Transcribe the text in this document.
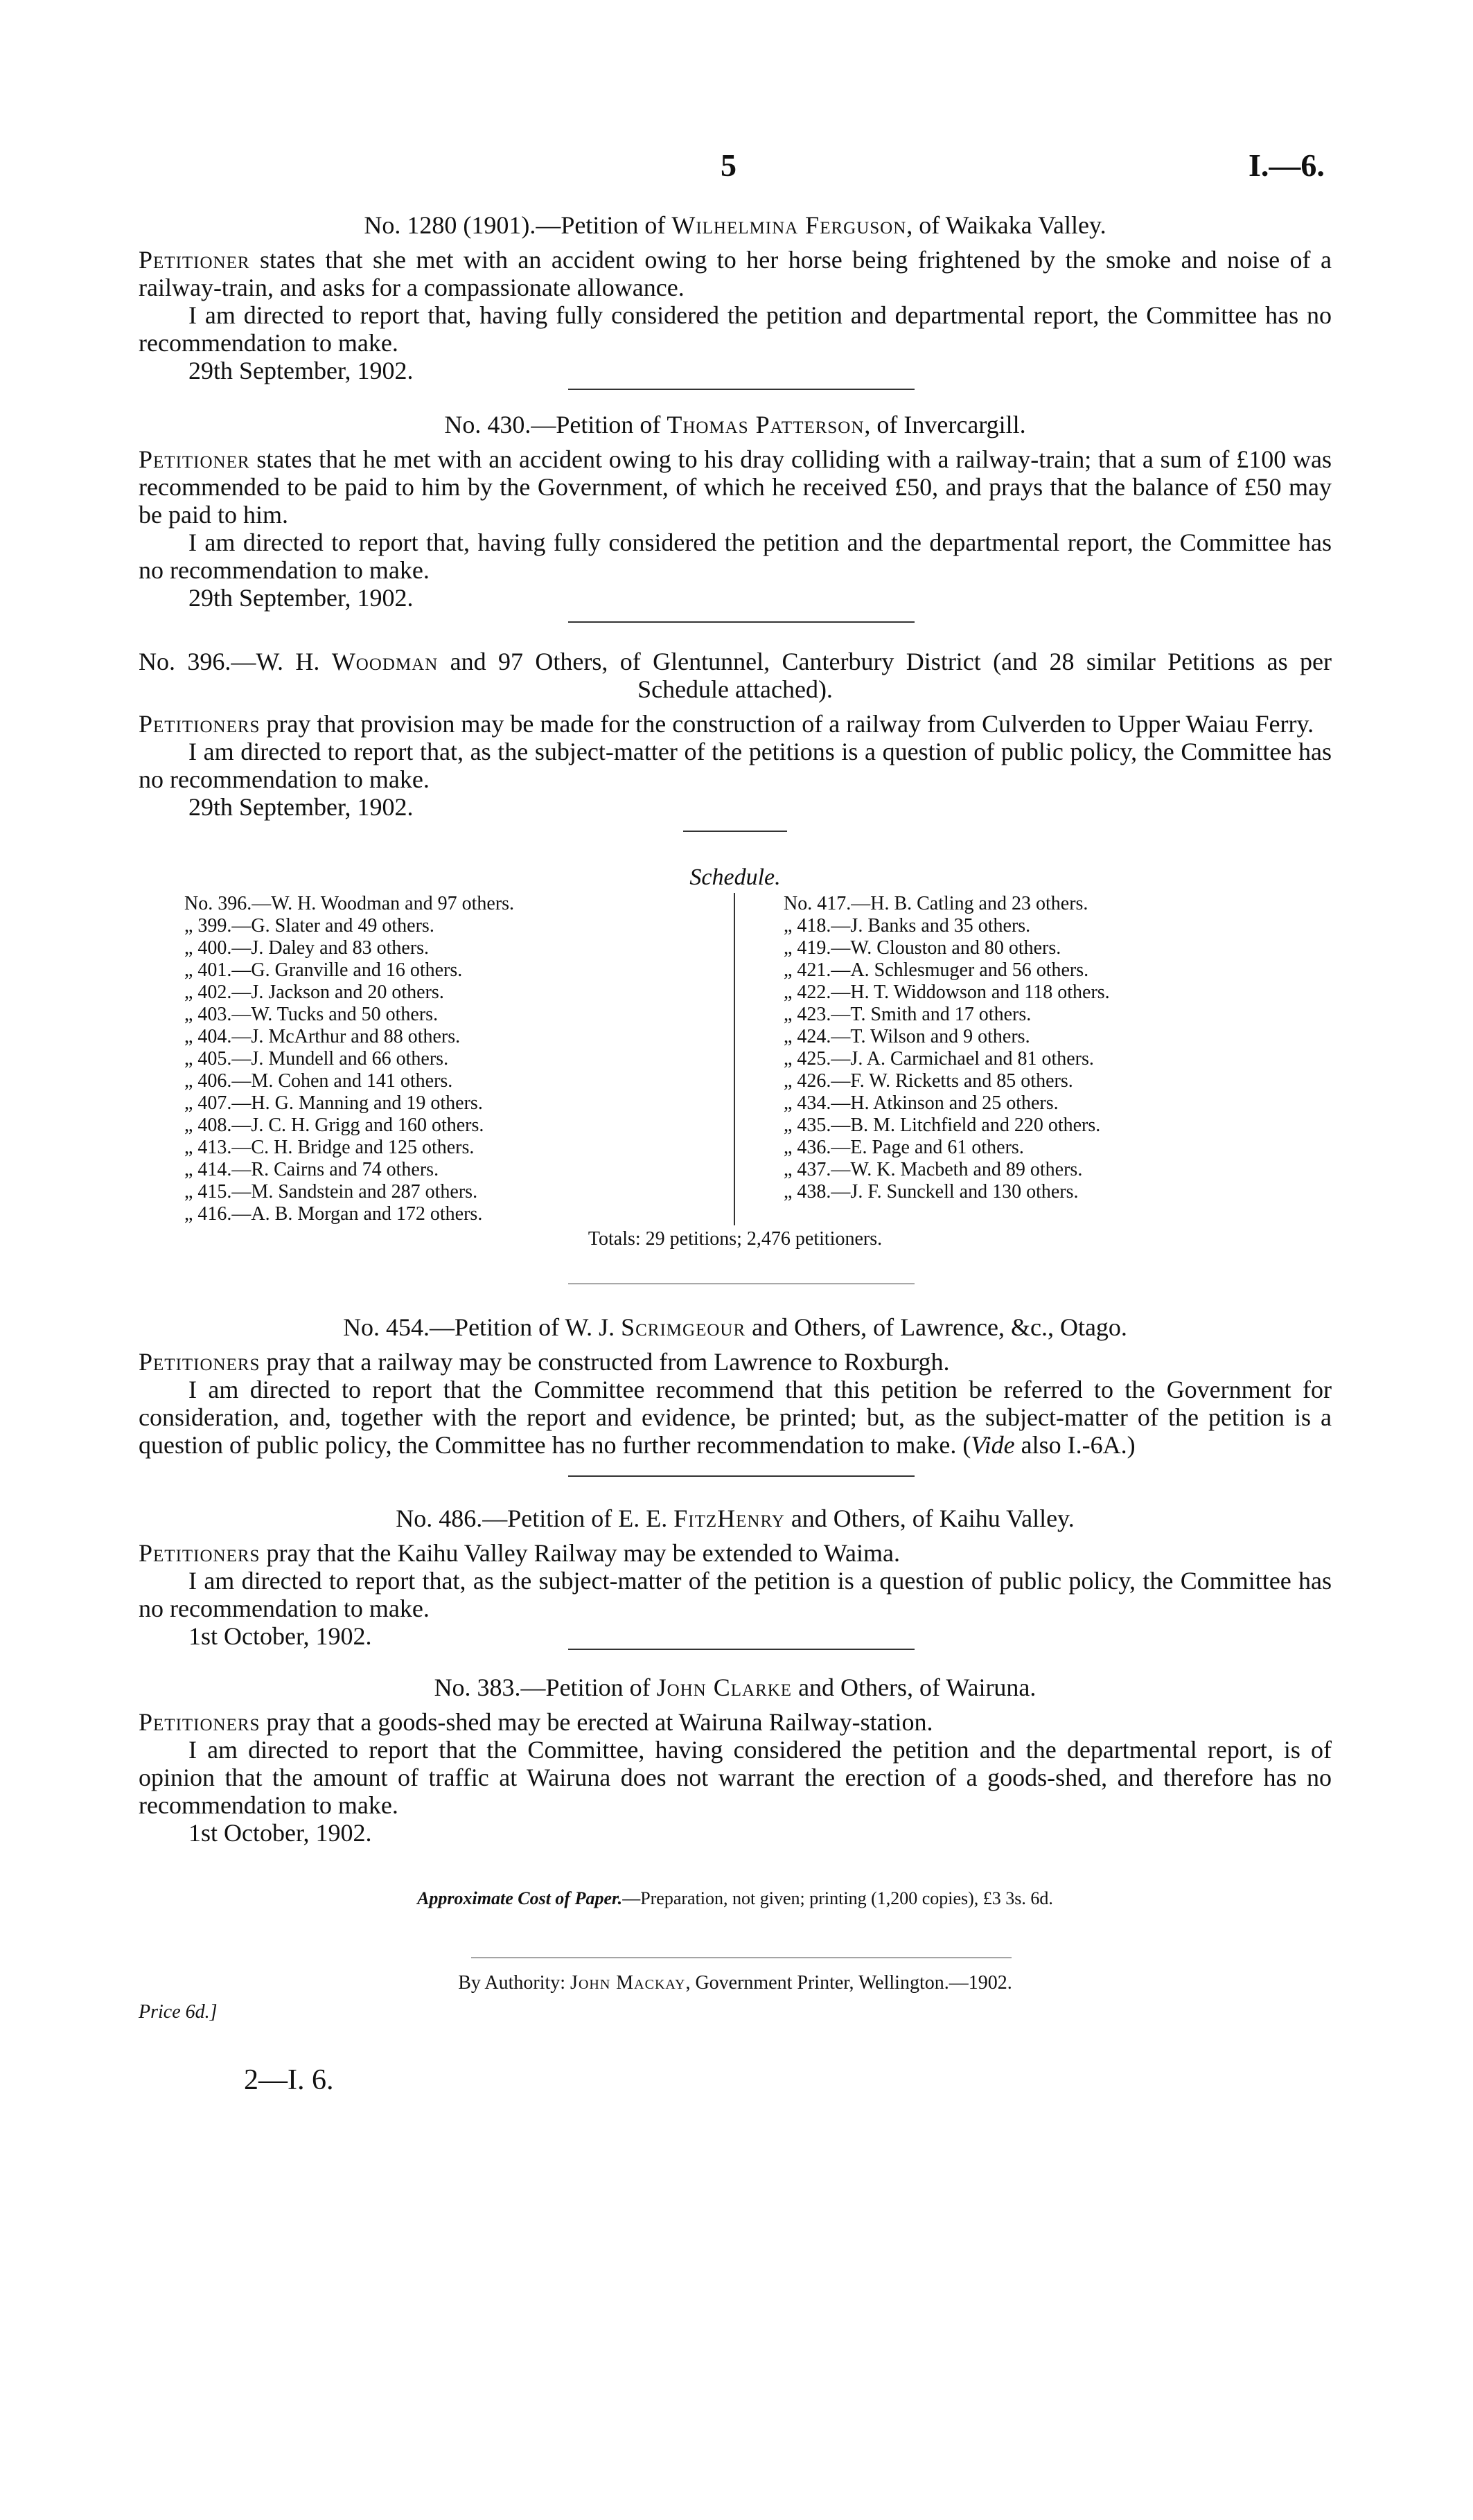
5	I.—6.
No. 1280 (1901).—Petition of Wilhelmina Ferguson, of Waikaka Valley.

Petitioner states that she met with an accident owing to her horse being frightened by the smoke and noise of a railway-train, and asks for a compassionate allowance.

I am directed to report that, having fully considered the petition and departmental report, the Committee has no recommendation to make.

29th September, 1902.

No. 430.—Petition of Thomas Patterson, of Invercargill.

Petitioner states that he met with an accident owing to his dray colliding with a railway-train; that a sum of £100 was recommended to be paid to him by the Government, of which he received £50, and prays that the balance of £50 may be paid to him.

I am directed to report that, having fully considered the petition and the departmental report, the Committee has no recommendation to make.

29th September, 1902.

No. 396.—W. H. Woodman and 97 Others, of Glentunnel, Canterbury District (and 28 similar Petitions as per Schedule attached).

Petitioners pray that provision may be made for the construction of a railway from Culverden to Upper Waiau Ferry.

I am directed to report that, as the subject-matter of the petitions is a question of public policy, the Committee has no recommendation to make.

29th September, 1902.

Schedule.
No. 396.—W. H. Woodman and 97 others.
„ 399.—G. Slater and 49 others.
„ 400.—J. Daley and 83 others.
„ 401.—G. Granville and 16 others.
„ 402.—J. Jackson and 20 others.
„ 403.—W. Tucks and 50 others.
„ 404.—J. McArthur and 88 others.
„ 405.—J. Mundell and 66 others.
„ 406.—M. Cohen and 141 others.
„ 407.—H. G. Manning and 19 others.
„ 408.—J. C. H. Grigg and 160 others.
„ 413.—C. H. Bridge and 125 others.
„ 414.—R. Cairns and 74 others.
„ 415.—M. Sandstein and 287 others.
„ 416.—A. B. Morgan and 172 others.
No. 417.—H. B. Catling and 23 others.
„ 418.—J. Banks and 35 others.
„ 419.—W. Clouston and 80 others.
„ 421.—A. Schlesmuger and 56 others.
„ 422.—H. T. Widdowson and 118 others.
„ 423.—T. Smith and 17 others.
„ 424.—T. Wilson and 9 others.
„ 425.—J. A. Carmichael and 81 others.
„ 426.—F. W. Ricketts and 85 others.
„ 434.—H. Atkinson and 25 others.
„ 435.—B. M. Litchfield and 220 others.
„ 436.—E. Page and 61 others.
„ 437.—W. K. Macbeth and 89 others.
„ 438.—J. F. Sunckell and 130 others.
Totals: 29 petitions; 2,476 petitioners.
No. 454.—Petition of W. J. Scrimgeour and Others, of Lawrence, &c., Otago.

Petitioners pray that a railway may be constructed from Lawrence to Roxburgh.

I am directed to report that the Committee recommend that this petition be referred to the Government for consideration, and, together with the report and evidence, be printed; but, as the subject-matter of the petition is a question of public policy, the Committee has no further recommendation to make. (Vide also I.-6A.)

No. 486.—Petition of E. E. FitzHenry and Others, of Kaihu Valley.

Petitioners pray that the Kaihu Valley Railway may be extended to Waima.

I am directed to report that, as the subject-matter of the petition is a question of public policy, the Committee has no recommendation to make.

1st October, 1902.

No. 383.—Petition of John Clarke and Others, of Wairuna.

Petitioners pray that a goods-shed may be erected at Wairuna Railway-station.

I am directed to report that the Committee, having considered the petition and the departmental report, is of opinion that the amount of traffic at Wairuna does not warrant the erection of a goods-shed, and therefore has no recommendation to make.

1st October, 1902.

Approximate Cost of Paper.—Preparation, not given; printing (1,200 copies), £3 3s. 6d.
By Authority: John Mackay, Government Printer, Wellington.—1902.
Price 6d.]
2—I. 6.
